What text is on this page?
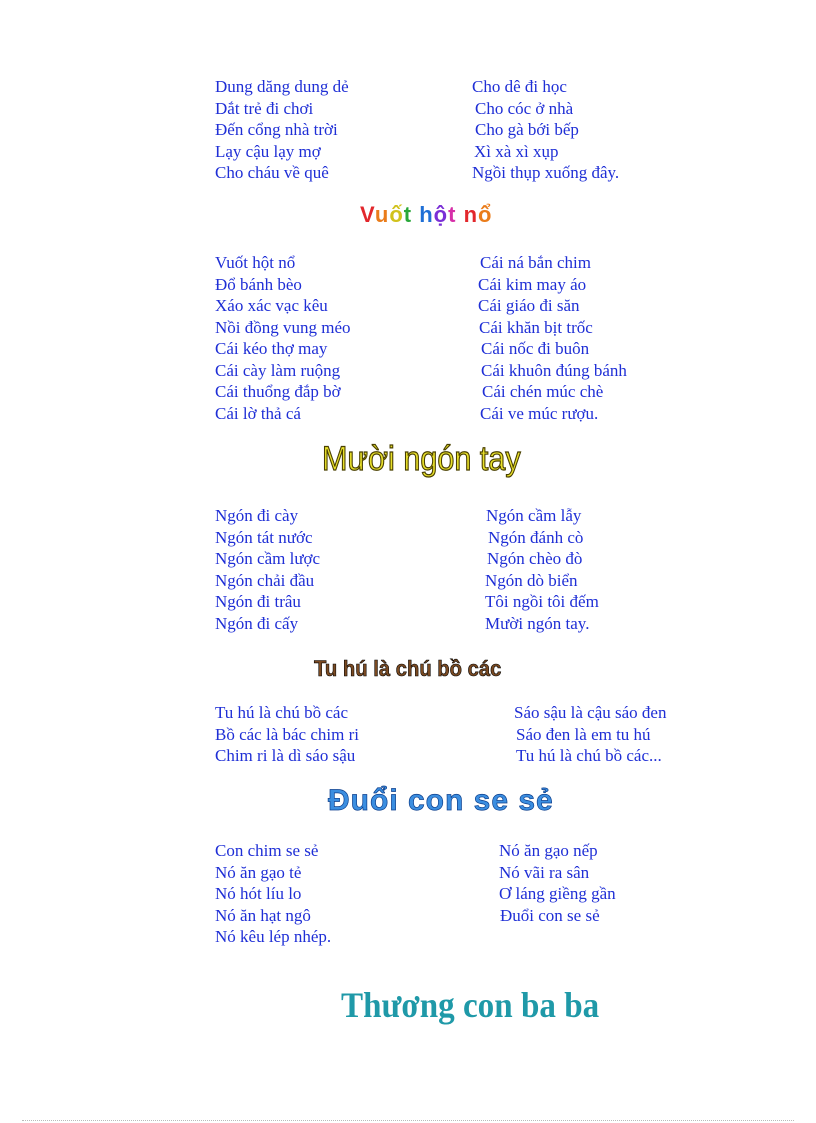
Dung dăng dung dẻ
Dắt trẻ đi chơi
Đến cổng nhà trời
Lạy cậu lạy mợ
Cho cháu về quê
Cho dê đi học
Cho cóc ở nhà
Cho gà bới bếp
Xì xà xì xụp
Ngồi thụp xuống đây.
Vuốt hột nổ
Vuốt hột nổ
Đổ bánh bèo
Xáo xác vạc kêu
Nồi đồng vung méo
Cái kéo thợ may
Cái cày làm ruộng
Cái thuổng đắp bờ
Cái lờ thả cá
Cái ná bắn chim
Cái kim may áo
Cái giáo đi săn
Cái khăn bịt trốc
Cái nốc đi buôn
Cái khuôn đúng bánh
Cái chén múc chè
Cái ve múc rượu.
Mười ngón tay
Ngón đi cày
Ngón tát nước
Ngón cầm lược
Ngón chải đầu
Ngón đi trâu
Ngón đi cấy
Ngón cầm lẫy
Ngón đánh cò
Ngón chèo đò
Ngón dò biển
Tôi ngồi tôi đếm
Mười ngón tay.
Tu hú là chú bồ các
Tu hú là chú bồ các
Bồ các là bác chim ri
Chim ri là dì sáo sậu
Sáo sậu là cậu sáo đen
Sáo đen là em tu hú
Tu hú là chú bồ các...
Đuổi con se sẻ
Con chim se sẻ
Nó ăn gạo tẻ
Nó hót líu lo
Nó ăn hạt ngô
Nó kêu lép nhép.
Nó ăn gạo nếp
Nó vãi ra sân
Ơ láng giềng gần
Đuổi con se sẻ
Thương con ba ba
